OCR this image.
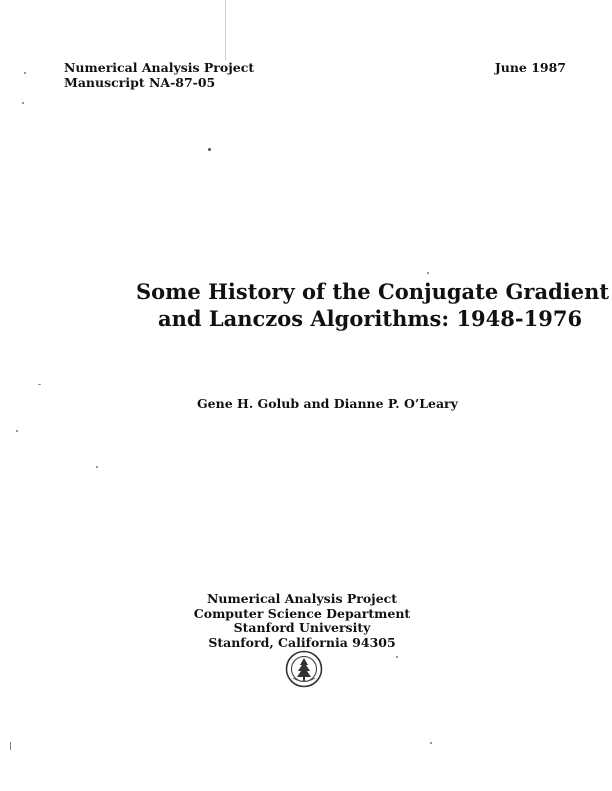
Numerical Analysis Project
Manuscript NA-87-05
June 1987
Some History of the Conjugate Gradient
and Lanczos Algorithms: 1948-1976
Gene H. Golub and Dianne P. O’Leary
Numerical Analysis Project
Computer Science Department
Stanford University
Stanford, California 94305
